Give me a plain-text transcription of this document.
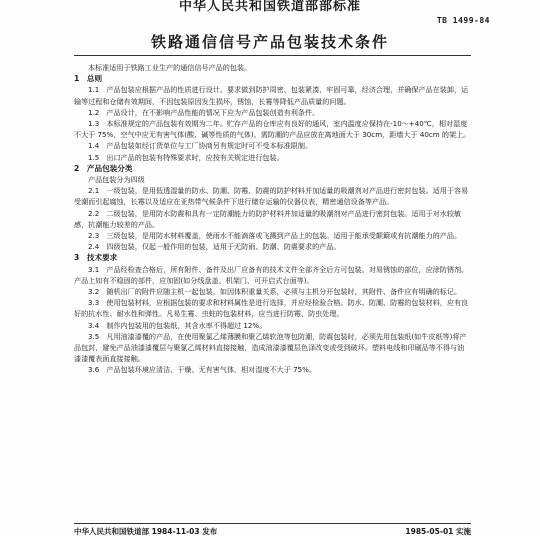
中华人民共和国铁道部部标准
TB 1499-84
铁路通信信号产品包装技术条件

本标准适用于铁路工业生产的通信信号产品的包装。

1　总则

1.1　产品包装应根据产品的性质进行设计。要求做到防护周密、包装紧凑，牢固可靠，经济合理，并确保产品在装卸，运输等过程和仓储有效期间，不因包装原因发生损坏，锈蚀，长霉等降低产品质量的问题。

1.2　产品设计，在不影响产品性能的情况下应为产品包装创造有利条件。

1.3　本标准规定的产品包装有效期为二年。贮存产品的仓库应有良好的通风，室内温度应保持在-10～+40℃，相对湿度不大于 75%，空气中应无有害气体(酸、碱等性质的气体)。需防潮的产品应放在离地面大于 30cm，距墙大于 40cm 的架上。

1.4　产品包装如经订货单位与工厂协商另有规定时可不受本标准限制。

1.5　出口产品的包装有特殊要求时，应按有关规定进行包装。

2　产品包装分类

产品包装分为四级

2.1　一级包装，是用低透湿量的防水、防潮、防霉、防震的防护材料并加适量的吸潮剂对产品进行密封包装。适用于容易受潮而引起腐蚀，长霉以及适应在亚热带气候条件下进行储存运输的仪器仪表，精密通信设备等产品。

2.2　二级包装，是用防水防震和具有一定防潮能力的防护材料并加适量的吸潮剂对产品进行密封包装。适用于对水较敏感，抗潮能力较差的产品。

2.3　三级包装，是用防水材料覆盖，使雨水不能滴落或飞溅到产品上的包装。适用于能承受颠簸或有抗潮能力的产品。

2.4　四级包装，仅起一般作用的包装，适用于无防雨、防潮、防震要求的产品。

3　技术要求

3.1　产品经检查合格后，所有附件、备件及出厂应备有的技术文件全部齐全后方可包装。对易锈蚀的部位，应涂防锈剂。产品上如有不稳固的部件，应加固(如分线盘盖、机架门、可开启式台面等)。

3.2　随机出厂的附件应随主机一起包装，如因体积重量关系，必须与主机分开包装时，其附件、备件应有明确的标记。

3.3　使用包装材料，应根据包装的要求和材料属性是进行选择，并应经检验合格。防水、防潮、防霉的包装材料，应有良好的抗水性、耐水性和弹性。凡易生霉、虫蛀的包装材料，应当进行防霉、防虫处理。

3.4　制作内包装用的包装纸，其含水率不得超过 12%。

3.5　凡用油漆漆覆的产品，在使用聚氯乙烯薄膜和聚乙烯软泡等包防潮，防震包装时，必须先用包装纸(如牛皮纸等)将产品包封，避免产品油漆漆覆层与聚氯乙烯材料直接接触，造成油漆漆覆层色泽改变或受到破坏。塑料电线和印刷品等不得与油漆漆覆表面直接接触。

3.6　产品包装环境应清洁、干燥、无有害气体，相对湿度不大于 75%。

中华人民共和国铁道部 1984-11-03 发布	1985-05-01 实施
